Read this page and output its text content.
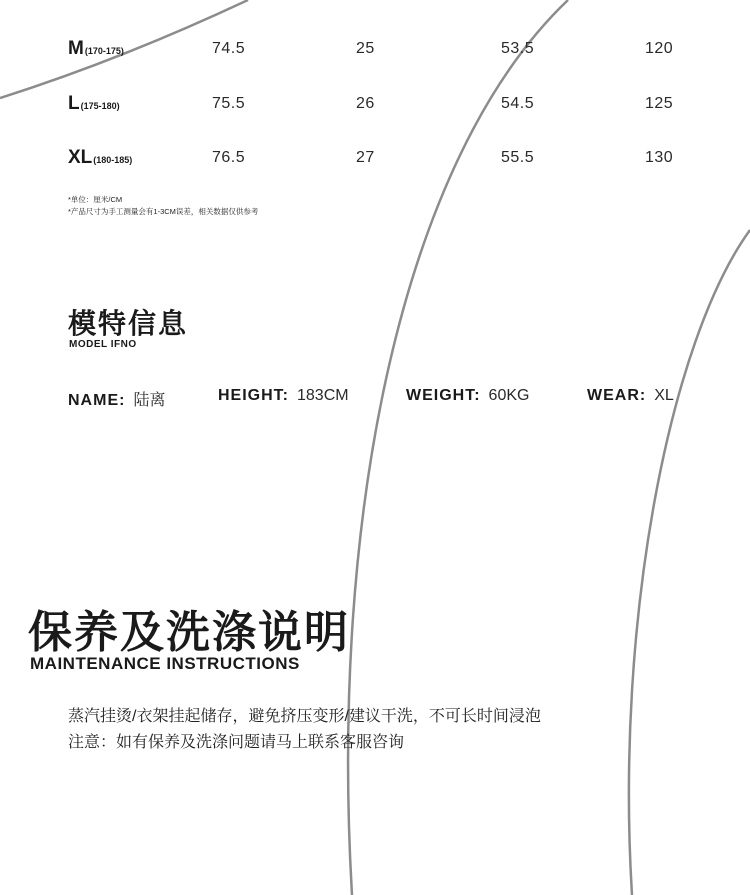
M(170-175)	74.5	25	53.5	120
L(175-180)	75.5	26	54.5	125
XL(180-185)	76.5	27	55.5	130
*单位：厘米/CM
*产品尺寸为手工测量会有1-3CM误差，相关数据仅供参考
模特信息
MODEL IFNO
NAME: 陆离	HEIGHT: 183CM	WEIGHT: 60KG	WEAR: XL
保养及洗涤说明
MAINTENANCE INSTRUCTIONS
蒸汽挂烫/衣架挂起储存，避免挤压变形/建议干洗，不可长时间浸泡
注意：如有保养及洗涤问题请马上联系客服咨询
